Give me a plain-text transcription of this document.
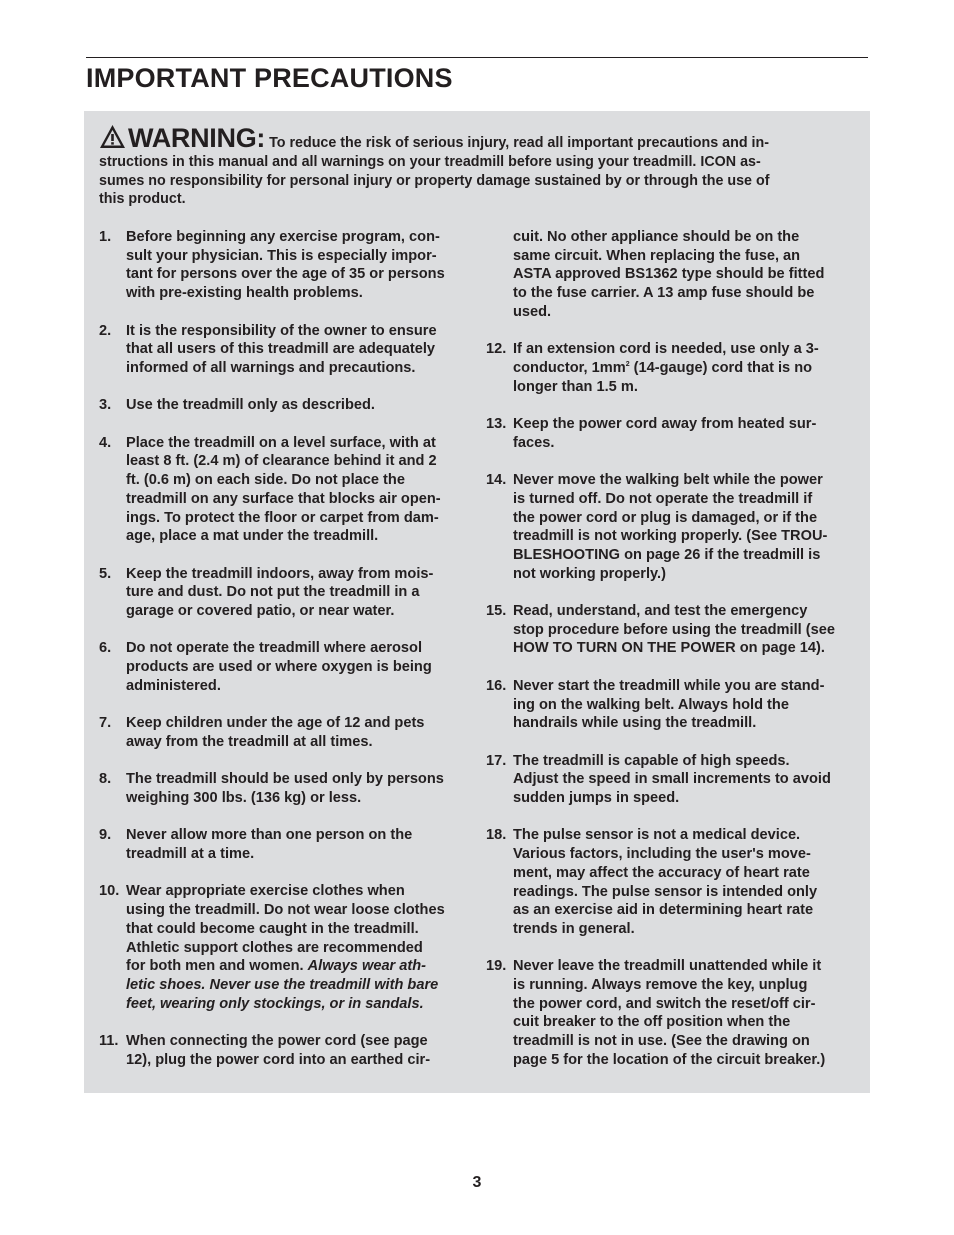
IMPORTANT PRECAUTIONS
WARNING: To reduce the risk of serious injury, read all important precautions and in-
structions in this manual and all warnings on your treadmill before using your treadmill. ICON as-
sumes no responsibility for personal injury or property damage sustained by or through the use of
this product.
1. Before beginning any exercise program, con-
sult your physician. This is especially impor-
tant for persons over the age of 35 or persons
with pre-existing health problems.
2. It is the responsibility of the owner to ensure
that all users of this treadmill are adequately
informed of all warnings and precautions.
3. Use the treadmill only as described.
4. Place the treadmill on a level surface, with at
least 8 ft. (2.4 m) of clearance behind it and 2
ft. (0.6 m) on each side. Do not place the
treadmill on any surface that blocks air open-
ings. To protect the floor or carpet from dam-
age, place a mat under the treadmill.
5. Keep the treadmill indoors, away from mois-
ture and dust. Do not put the treadmill in a
garage or covered patio, or near water.
6. Do not operate the treadmill where aerosol
products are used or where oxygen is being
administered.
7. Keep children under the age of 12 and pets
away from the treadmill at all times.
8. The treadmill should be used only by persons
weighing 300 lbs. (136 kg) or less.
9. Never allow more than one person on the
treadmill at a time.
10. Wear appropriate exercise clothes when
using the treadmill. Do not wear loose clothes
that could become caught in the treadmill.
Athletic support clothes are recommended
for both men and women. Always wear ath-
letic shoes. Never use the treadmill with bare
feet, wearing only stockings, or in sandals.
11. When connecting the power cord (see page
12), plug the power cord into an earthed cir-
cuit. No other appliance should be on the
same circuit. When replacing the fuse, an
ASTA approved BS1362 type should be fitted
to the fuse carrier. A 13 amp fuse should be
used.
12. If an extension cord is needed, use only a 3-
conductor, $1mm^2$ (14-gauge) cord that is no
longer than 1.5 m.
13. Keep the power cord away from heated sur-
faces.
14. Never move the walking belt while the power
is turned off. Do not operate the treadmill if
the power cord or plug is damaged, or if the
treadmill is not working properly. (See TROU-
BLESHOOTING on page 26 if the treadmill is
not working properly.)
15. Read, understand, and test the emergency
stop procedure before using the treadmill (see
HOW TO TURN ON THE POWER on page 14).
16. Never start the treadmill while you are stand-
ing on the walking belt. Always hold the
handrails while using the treadmill.
17. The treadmill is capable of high speeds.
Adjust the speed in small increments to avoid
sudden jumps in speed.
18. The pulse sensor is not a medical device.
Various factors, including the user's move-
ment, may affect the accuracy of heart rate
readings. The pulse sensor is intended only
as an exercise aid in determining heart rate
trends in general.
19. Never leave the treadmill unattended while it
is running. Always remove the key, unplug
the power cord, and switch the reset/off cir-
cuit breaker to the off position when the
treadmill is not in use. (See the drawing on
page 5 for the location of the circuit breaker.)
3
